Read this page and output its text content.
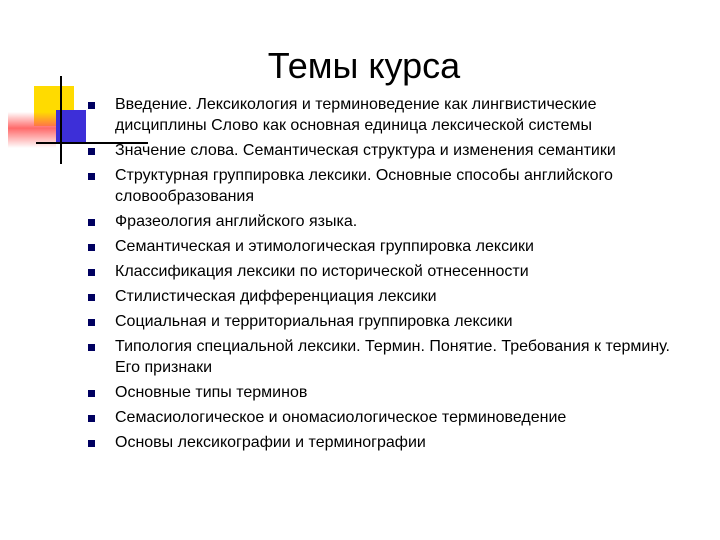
Темы курса
Введение. Лексикология и терминоведение как лингвистические дисциплины Слово как основная единица лексической системы
Значение слова. Семантическая структура и изменения семантики
Структурная группировка лексики. Основные способы английского словообразования
Фразеология английского языка.
Семантическая и этимологическая группировка лексики
Классификация лексики по исторической отнесенности
Стилистическая дифференциация лексики
Социальная и территориальная группировка лексики
Типология специальной лексики. Термин. Понятие. Требования к термину. Его признаки
Основные типы терминов
Семасиологическое и ономасиологическое терминоведение
Основы лексикографии и терминографии
